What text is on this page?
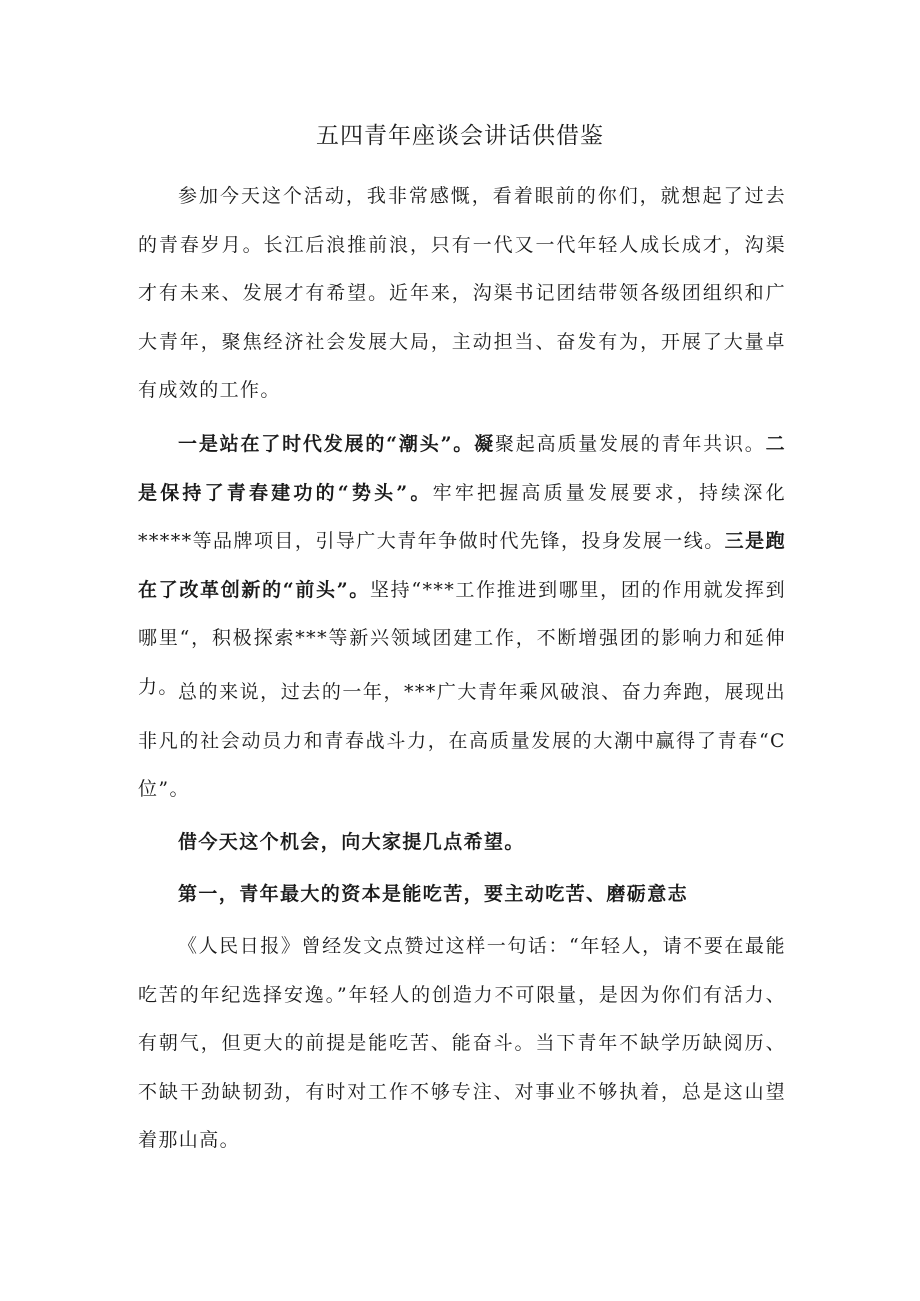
五四青年座谈会讲话供借鉴

参加今天这个活动，我非常感慨，看着眼前的你们，就想起了过去的青春岁月。长江后浪推前浪，只有一代又一代年轻人成长成才，沟渠才有未来、发展才有希望。近年来，沟渠书记团结带领各级团组织和广大青年，聚焦经济社会发展大局，主动担当、奋发有为，开展了大量卓有成效的工作。

一是站在了时代发展的“潮头”。凝聚起高质量发展的青年共识。二是保持了青春建功的“势头”。牢牢把握高质量发展要求，持续深化*****等品牌项目，引导广大青年争做时代先锋，投身发展一线。三是跑在了改革创新的“前头”。坚持“***工作推进到哪里，团的作用就发挥到哪里“，积极探索***等新兴领域团建工作，不断增强团的影响力和延伸力。 总的来说，过去的一年，***广大青年乘风破浪、奋力奔跑，展现出非凡的社会动员力和青春战斗力，在高质量发展的大潮中赢得了青春“C位”。

借今天这个机会，向大家提几点希望。

第一，青年最大的资本是能吃苦，要主动吃苦、磨砺意志

《人民日报》曾经发文点赞过这样一句话：“年轻人，请不要在最能吃苦的年纪选择安逸。”年轻人的创造力不可限量，是因为你们有活力、有朝气，但更大的前提是能吃苦、能奋斗。当下青年不缺学历缺阅历、不缺干劲缺韧劲，有时对工作不够专注、对事业不够执着，总是这山望着那山高。
